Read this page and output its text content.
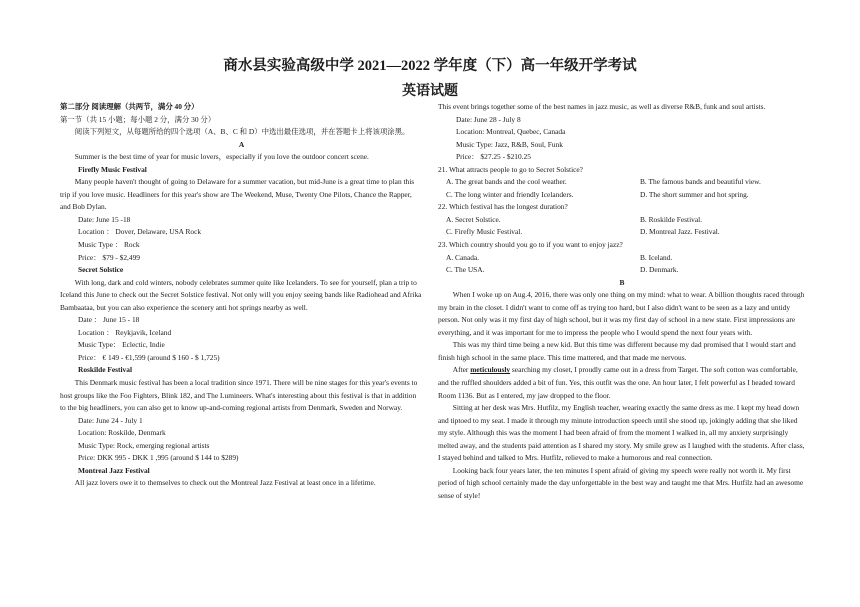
商水县实验高级中学 2021—2022 学年度（下）高一年级开学考试
英语试题

第二部分 阅读理解（共两节，满分 40 分）

第一节（共 15 小题；每小题 2 分，满分 30 分）

阅读下列短文，从每题所给的四个选项（A、B、C 和 D）中选出最佳选项，并在答题卡上将该项涂黑。

A

Summer is the best time of year for music lovers，especially if you love the outdoor concert scene.

Firefly Music Festival

Many people haven't thought of going to Delaware for a summer vacation, but mid-June is a great time to plan this trip if you love music. Headliners for this year's show are The Weekend, Muse, Twenty One Pilots, Chance the Rapper, and Bob Dylan.

Date: June 15 -18

Location ： Dover, Delaware, USA Rock

Music Type ： Rock

Price： $79 - $2,499

Secret Solstice

With long, dark and cold winters, nobody celebrates summer quite like Icelanders. To see for yourself, plan a trip to Iceland this June to check out the Secret Solstice festival. Not only will you enjoy seeing bands like Radiohead and Afrika Bambaataa, but you can also experience the scenery anti hot springs nearby as well.

Date ： June 15 - 18

Location ： Reykjavik, Iceland

Music Type： Eclectic, Indie

Price： € 149 - €1,599 (around $ 160 - $ 1,725)

Roskilde Festival

This Denmark music festival has been a local tradition since 1971. There will be nine stages for this year's events to host groups like the Foo Fighters, Blink 182, and The Lumineers. What's interesting about this festival is that in addition to the big headliners, you can also get to know up-and-coming regional artists from Denmark, Sweden and Norway.

Date: June 24 - July 1

Location: Roskilde, Denmark

Music Type: Rock, emerging regional artists

Price: DKK 995 - DKK 1 ,995 (around $ 144 to $289)

Montreal Jazz Festival

All jazz lovers owe it to themselves to check out the Montreal Jazz Festival at least once in a lifetime.

This event brings together some of the best names in jazz music, as well as diverse R&B, funk and soul artists.

Date: June 28 - July 8

Location: Montreal, Quebec, Canada

Music Type: Jazz, R&B, Soul, Funk

Price： $27.25 - $210.25

21. What attracts people to go to Secret Solstice?

A. The great bands and the cool weather.	B. The famous bands and beautiful view.
C. The long winter and friendly Icelanders.	D. The short summer and hot spring.

22. Which festival has the longest duration?

A. Secret Solstice.	B. Roskilde Festival.
C. Firefly Music Festival.	D. Montreal Jazz. Festival.

23. Which country should you go to if you want to enjoy jazz?

A. Canada.	B. Iceland.
C. The USA.	D. Denmark.

B

When I woke up on Aug.4, 2016, there was only one thing on my mind: what to wear. A billion thoughts raced through my brain in the closet. I didn't want to come off as trying too hard, but I also didn't want to be seen as a lazy and untidy person. Not only was it my first day of high school, but it was my first day of school in a new state. First impressions are everything, and it was important for me to impress the people who I would spend the next four years with.

This was my third time being a new kid. But this time was different because my dad promised that I would start and finish high school in the same place. This time mattered, and that made me nervous.

After meticulously searching my closet, I proudly came out in a dress from Target. The soft cotton was comfortable, and the ruffled shoulders added a bit of fun. Yes, this outfit was the one. An hour later, I felt powerful as I headed toward Room 1136. But as I entered, my jaw dropped to the floor.

Sitting at her desk was Mrs. Hutfilz, my English teacher, wearing exactly the same dress as me. I kept my head down and tiptoed to my seat. I made it through my minute introduction speech until she stood up, jokingly adding that she liked my style. Although this was the moment I had been afraid of from the moment I walked in, all my anxiety surprisingly melted away, and the students paid attention as I shared my story. My smile grew as I laughed with the students. After class, I stayed behind and talked to Mrs. Hutfilz, relieved to make a humorous and real connection.

Looking back four years later, the ten minutes I spent afraid of giving my speech were really not worth it. My first period of high school certainly made the day unforgettable in the best way and taught me that Mrs. Hutfilz had an awesome sense of style!
